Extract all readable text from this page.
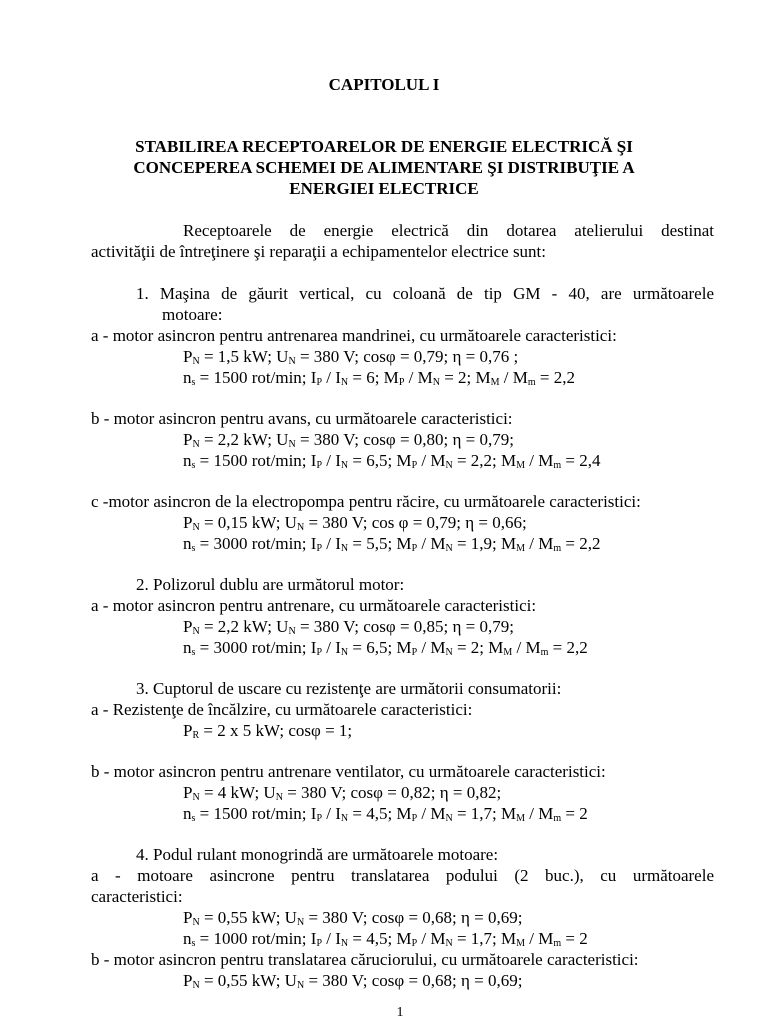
CAPITOLUL I
STABILIREA RECEPTOARELOR DE ENERGIE ELECTRICĂ ŞI
CONCEPEREA SCHEMEI DE ALIMENTARE ŞI DISTRIBUŢIE A
ENERGIEI ELECTRICE
Receptoarele de energie electrică din dotarea atelierului destinat
activităţii de întreţinere şi reparaţii a echipamentelor electrice sunt:
1. Maşina de găurit vertical, cu coloană de tip GM - 40, are următoarele
motoare:
a - motor asincron pentru antrenarea mandrinei, cu următoarele caracteristici:
$P_N = 1,5$ kW; $U_N = 380$ V; cosφ = 0,79; η = 0,76 ;
$n_s = 1500$ rot/min; $I_P / I_N = 6$; $M_P / M_N = 2$; $M_M / M_m = 2,2$
b - motor asincron pentru avans, cu următoarele caracteristici:
$P_N = 2,2$ kW; $U_N = 380$ V; cosφ = 0,80; η = 0,79;
$n_s = 1500$ rot/min; $I_P / I_N = 6,5$; $M_P / M_N = 2,2$; $M_M / M_m = 2,4$
c -motor asincron de la electropompa pentru răcire, cu următoarele caracteristici:
$P_N = 0,15$ kW; $U_N = 380$ V; cos φ = 0,79; η = 0,66;
$n_s = 3000$ rot/min; $I_P / I_N = 5,5$; $M_P / M_N = 1,9$; $M_M / M_m = 2,2$
2. Polizorul dublu are următorul motor:
a - motor asincron pentru antrenare, cu următoarele caracteristici:
$P_N = 2,2$ kW; $U_N = 380$ V; cosφ = 0,85; η = 0,79;
$n_s = 3000$ rot/min; $I_P / I_N = 6,5$; $M_P / M_N = 2$; $M_M / M_m = 2,2$
3. Cuptorul de uscare cu rezistenţe are următorii consumatorii:
a - Rezistenţe de încălzire, cu următoarele caracteristici:
$P_R = 2$ x 5 kW; cosφ = 1;
b - motor asincron pentru antrenare ventilator, cu următoarele caracteristici:
$P_N = 4$ kW; $U_N = 380$ V; cosφ = 0,82; η = 0,82;
$n_s = 1500$ rot/min; $I_P / I_N = 4,5$; $M_P / M_N = 1,7$; $M_M / M_m = 2$
4. Podul rulant monogrindă are următoarele motoare:
a - motoare asincrone pentru translatarea podului (2 buc.), cu următoarele
caracteristici:
$P_N = 0,55$ kW; $U_N = 380$ V; cosφ = 0,68; η = 0,69;
$n_s = 1000$ rot/min; $I_P / I_N = 4,5$; $M_P / M_N = 1,7$; $M_M / M_m = 2$
b - motor asincron pentru translatarea căruciorului, cu următoarele caracteristici:
$P_N = 0,55$ kW; $U_N = 380$ V; cosφ = 0,68; η = 0,69;
1
